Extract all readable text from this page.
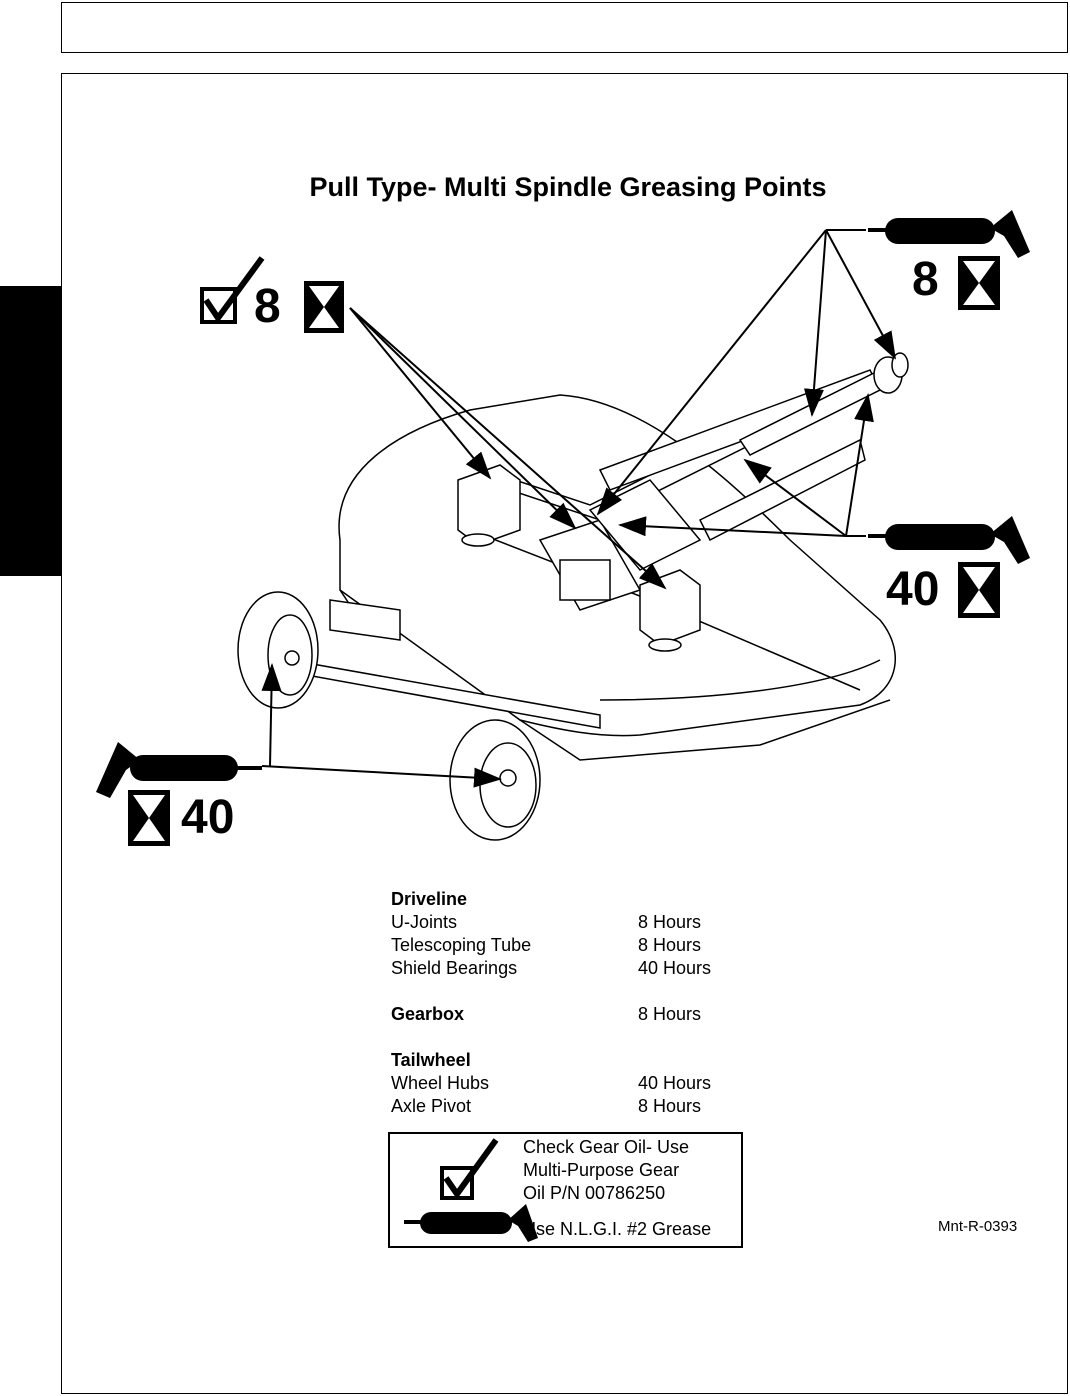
Pull Type- Multi Spindle Greasing Points
8
8
40
40
Driveline
U-Joints	8 Hours
Telescoping Tube	8 Hours
Shield Bearings	40 Hours
Gearbox	8 Hours
Tailwheel
Wheel Hubs	40 Hours
Axle Pivot	8 Hours
Check Gear Oil- Use
Multi-Purpose Gear
Oil P/N 00786250
Use N.L.G.I. #2 Grease	Mnt-R-0393
